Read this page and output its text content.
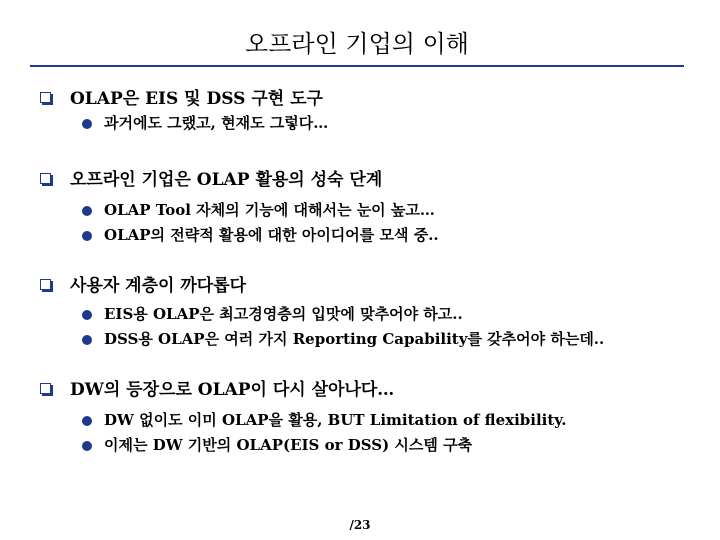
오프라인 기업의 이해
OLAP은 EIS 및 DSS 구현 도구
과거에도 그랬고, 현재도 그렇다…
오프라인 기업은 OLAP 활용의 성숙 단계
OLAP Tool 자체의 기능에 대해서는 눈이 높고…
OLAP의 전략적 활용에 대한 아이디어를 모색 중..
사용자 계층이 까다롭다
EIS용 OLAP은 최고경영층의 입맛에 맞추어야 하고..
DSS용 OLAP은 여러 가지 Reporting Capability를 갖추어야 하는데..
DW의 등장으로 OLAP이 다시 살아나다…
DW 없이도 이미 OLAP을 활용, BUT Limitation of flexibility.
이제는 DW 기반의 OLAP(EIS or DSS) 시스템 구축
/23
